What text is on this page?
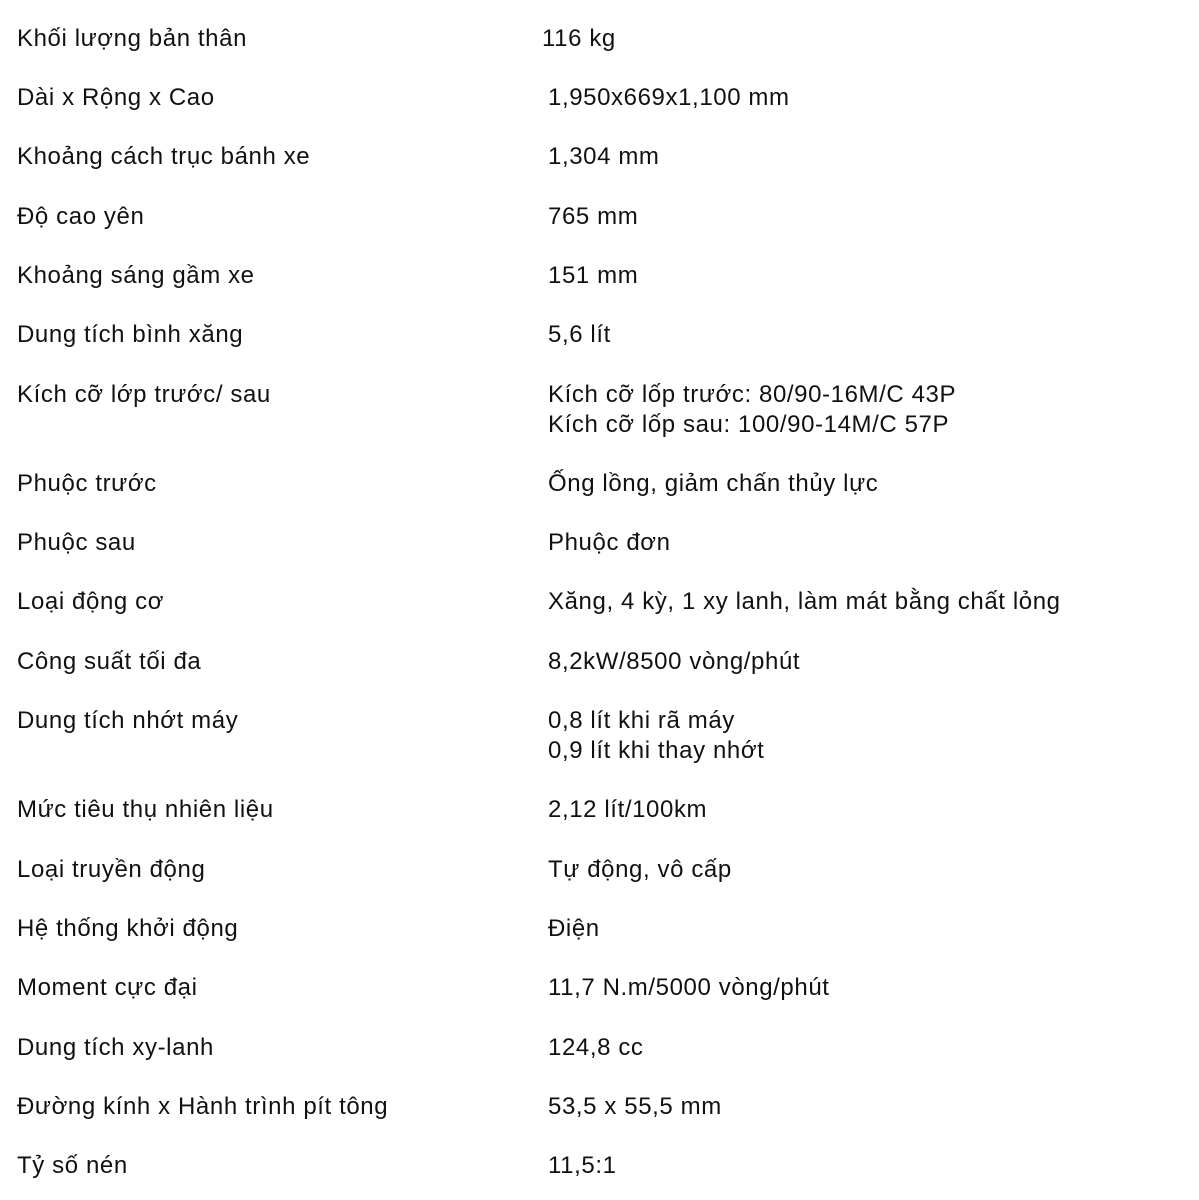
Khối lượng bản thân	116 kg
Dài x Rộng x Cao	1,950x669x1,100 mm
Khoảng cách trục bánh xe	1,304 mm
Độ cao yên	765 mm
Khoảng sáng gầm xe	151 mm
Dung tích bình xăng	5,6 lít
Kích cỡ lớp trước/ sau	Kích cỡ lốp trước: 80/90-16M/C 43P
Kích cỡ lốp sau: 100/90-14M/C 57P
Phuộc trước	Ống lồng, giảm chấn thủy lực
Phuộc sau	Phuộc đơn
Loại động cơ	Xăng, 4 kỳ, 1 xy lanh, làm mát bằng chất lỏng
Công suất tối đa	8,2kW/8500 vòng/phút
Dung tích nhớt máy	0,8 lít khi rã máy
0,9 lít khi thay nhớt
Mức tiêu thụ nhiên liệu	2,12 lít/100km
Loại truyền động	Tự động, vô cấp
Hệ thống khởi động	Điện
Moment cực đại	11,7 N.m/5000 vòng/phút
Dung tích xy-lanh	124,8 cc
Đường kính x Hành trình pít tông	53,5 x 55,5 mm
Tỷ số nén	11,5:1
